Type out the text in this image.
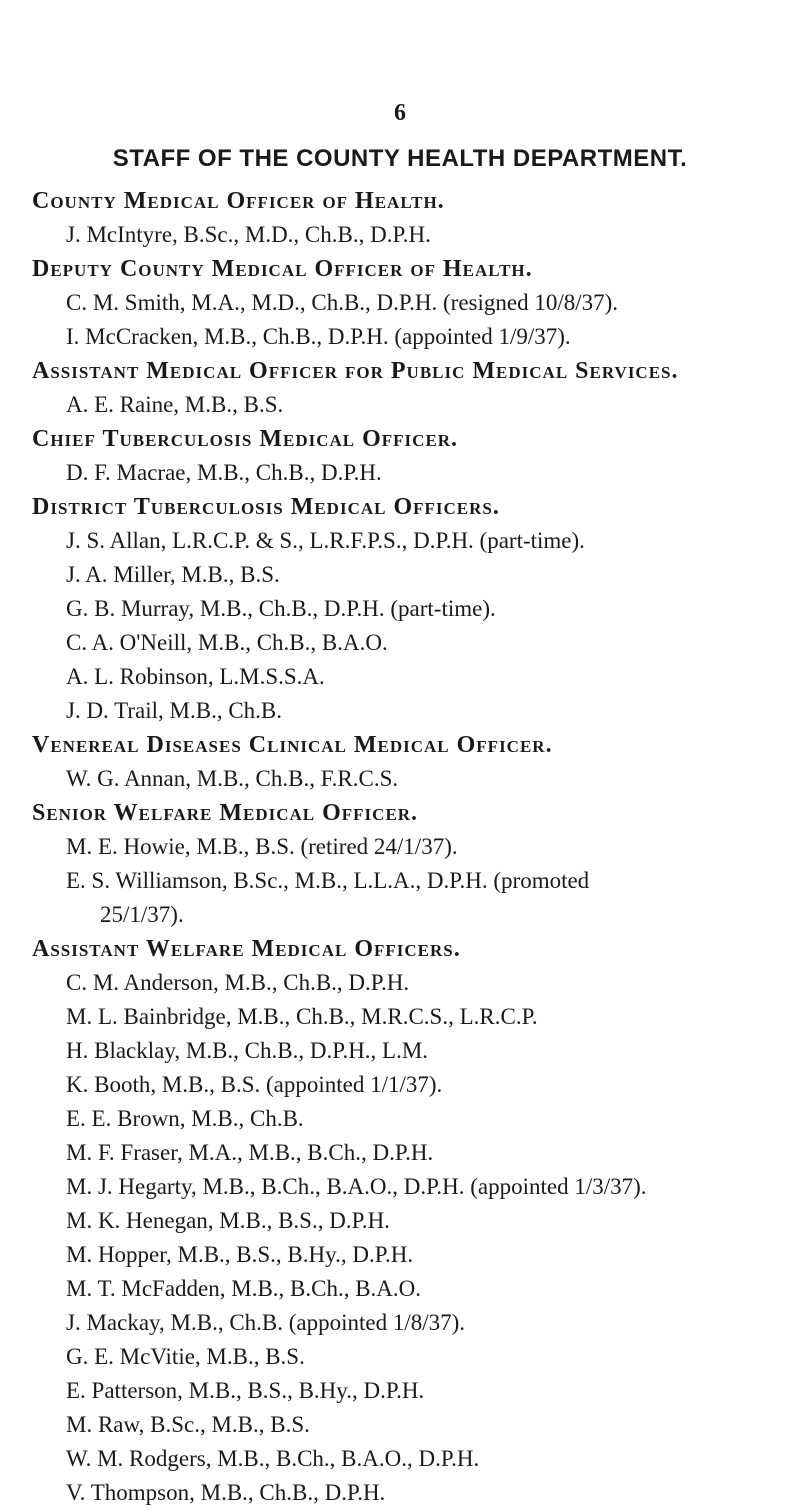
6
STAFF OF THE COUNTY HEALTH DEPARTMENT.
County Medical Officer of Health.
J. McIntyre, B.Sc., M.D., Ch.B., D.P.H.
Deputy County Medical Officer of Health.
C. M. Smith, M.A., M.D., Ch.B., D.P.H. (resigned 10/8/37).
I. McCracken, M.B., Ch.B., D.P.H. (appointed 1/9/37).
Assistant Medical Officer for Public Medical Services.
A. E. Raine, M.B., B.S.
Chief Tuberculosis Medical Officer.
D. F. Macrae, M.B., Ch.B., D.P.H.
District Tuberculosis Medical Officers.
J. S. Allan, L.R.C.P. & S., L.R.F.P.S., D.P.H. (part-time).
J. A. Miller, M.B., B.S.
G. B. Murray, M.B., Ch.B., D.P.H. (part-time).
C. A. O'Neill, M.B., Ch.B., B.A.O.
A. L. Robinson, L.M.S.S.A.
J. D. Trail, M.B., Ch.B.
Venereal Diseases Clinical Medical Officer.
W. G. Annan, M.B., Ch.B., F.R.C.S.
Senior Welfare Medical Officer.
M. E. Howie, M.B., B.S. (retired 24/1/37).
E. S. Williamson, B.Sc., M.B., L.L.A., D.P.H. (promoted
25/1/37).
Assistant Welfare Medical Officers.
C. M. Anderson, M.B., Ch.B., D.P.H.
M. L. Bainbridge, M.B., Ch.B., M.R.C.S., L.R.C.P.
H. Blacklay, M.B., Ch.B., D.P.H., L.M.
K. Booth, M.B., B.S. (appointed 1/1/37).
E. E. Brown, M.B., Ch.B.
M. F. Fraser, M.A., M.B., B.Ch., D.P.H.
M. J. Hegarty, M.B., B.Ch., B.A.O., D.P.H. (appointed 1/3/37).
M. K. Henegan, M.B., B.S., D.P.H.
M. Hopper, M.B., B.S., B.Hy., D.P.H.
M. T. McFadden, M.B., B.Ch., B.A.O.
J. Mackay, M.B., Ch.B. (appointed 1/8/37).
G. E. McVitie, M.B., B.S.
E. Patterson, M.B., B.S., B.Hy., D.P.H.
M. Raw, B.Sc., M.B., B.S.
W. M. Rodgers, M.B., B.Ch., B.A.O., D.P.H.
V. Thompson, M.B., Ch.B., D.P.H.
